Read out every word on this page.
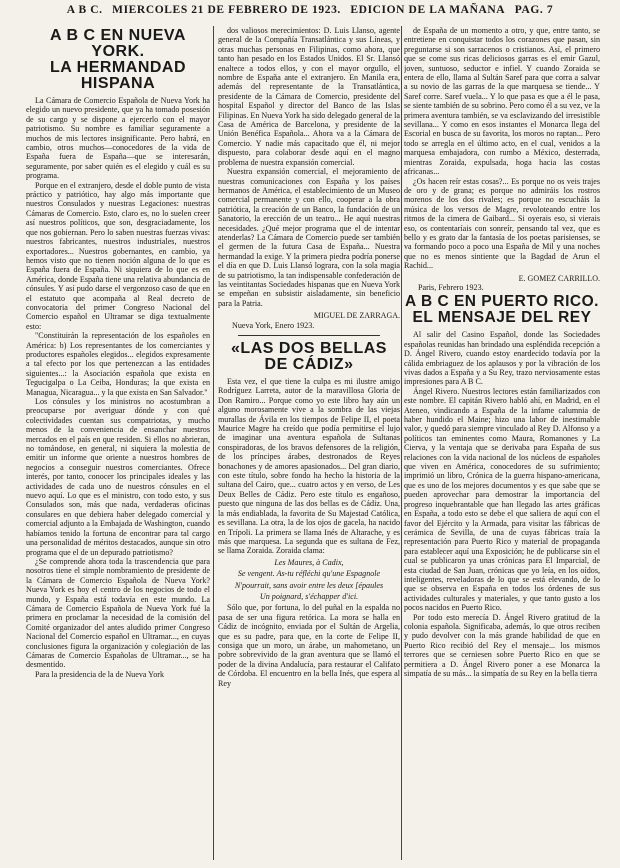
A B C. MIERCOLES 21 DE FEBRERO DE 1923. EDICION DE LA MAÑANA PAG. 7
A B C EN NUEVA YORK.
LA HERMANDAD
HISPANA

La Cámara de Comercio Española de Nueva York ha elegido un nuevo presidente, que ya ha tomado posesión de su cargo y se dispone a ejercerlo con el mayor patriotismo. Su nombre es familiar seguramente a muchos de mis lectores insignificante. Pero habrá, en cambio, otros muchos—conocedores de la vida de España fuera de España—que se interesarán, seguramente, por saber quién es el elegido y cuál es su programa.

Porque en el extranjero, desde el doble punto de vista práctico y patriótico, hay algo más importante que nuestros Consulados y nuestras Legaciones: nuestras Cámaras de Comercio. Esto, claro es, no lo suelen creer así nuestros políticos, que son, desgraciadamente, los que nos gobiernan. Pero lo saben nuestras fuerzas vivas: nuestros fabricantes, nuestros industriales, nuestros exportadores... Nuestros gobernantes, en cambio, ya hemos visto que no tienen noción alguna de lo que es España fuera de España. Ni siquiera de lo que es en América, donde España tiene una relativa abundancia de cónsules. Y así pudo darse el vergonzoso caso de que en el estatuto que acompaña al Real decreto de convocatoria del primer Congreso Nacional del Comercio español en Ultramar se diga textualmente esto:

"Constituirán la representación de los españoles en América: b) Los representantes de los comerciantes y productores españoles elegidos... elegidos expresamente a tal efecto por los que pertenezcan a las entidades siguientes...: la Asociación española que exista en Tegucigalpa o La Ceiba, Honduras; la que exista en Managua, Nicaragua... y la que exista en San Salvador."

Los cónsules y los ministros no acostumbran a preocuparse por averiguar dónde y con qué colectividades cuentan sus compatriotas, y mucho menos de la conveniencia de ensanchar nuestros mercados en el país en que residen. Si ellos no abrieran, no tomándose, en general, ni siquiera la molestia de emitir un informe que oriente a nuestros hombres de negocios a conseguir nuestros comerciantes. Ofrece interés, por tanto, conocer los principales ideales y las actividades de cada uno de nuestros cónsules en el nuevo aquí. Lo que es el ministro, con todo esto, y sus Consulados son, más que nada, verdaderas oficinas consulares en que debiera haber delegado comercial y comercial adjunto a la Embajada de Washington, cuando habíamos tenido la fortuna de encontrar para tal cargo una personalidad de méritos destacados, aunque sin otro programa que el de un depurado patriotismo?

¿Se comprende ahora toda la trascendencia que para nosotros tiene el simple nombramiento de presidente de la Cámara de Comercio Española de Nueva York? Nueva York es hoy el centro de los negocios de todo el mundo, y España está todavía en este mundo. La Cámara de Comercio Española de Nueva York fué la primera en proclamar la necesidad de la comisión del Comité organizador del antes aludido primer Congreso Nacional del Comercio español en Ultramar..., en cuyas conclusiones figura la organización y colegiación de las Cámaras de Comercio Españolas de Ultramar..., se ha desmentido.

Para la presidencia de la de Nueva York

dos valiosos merecimientos: D. Luis Llanso, agente general de la Compañía Transatlántica y sus Líneas, y otras muchas personas en Filipinas, como ahora, que tanto han pesado en los Estados Unidos. El Sr. Llansó enaltece a todos ellos, y con el mayor orgullo, el nombre de España ante el extranjero. En Manila era, además del representante de la Transatlántica, presidente de la Cámara de Comercio, presidente del hospital Español y director del Banco de las Islas Filipinas. En Nueva York ha sido delegado general de la Casa de América de Barcelona, y presidente de la Unión Benéfica Española... Ahora va a la Cámara de Comercio. Y nadie más capacitado que él, ni mejor dispuesto, para colaborar desde aquí en el magno problema de nuestra expansión comercial.

Nuestra expansión comercial, el mejoramiento de nuestras comunicaciones con España y los países hermanos de América, el establecimiento de un Museo comercial permanente y con ello, cooperar a la obra patriótica, la creación de un Banco, la fundación de un Sanatorio, la erección de un teatro... He aquí nuestras necesidades. ¿Qué mejor programa que el de intentar atenderlas? La Cámara de Comercio puede ser también el germen de la futura Casa de España... Nuestra hermandad la exige. Y la primera piedra podría ponerse el día en que D. Luis Llansó lograra, con la sola magia de su patriotismo, la tan indispensable confederación de las veintitantas Sociedades hispanas que en Nueva York se empeñan en subsistir aisladamente, sin beneficio para la Patria.

MIGUEL DE ZARRAGA.
Nueva York, Enero 1923.
«LAS DOS BELLAS
DE CÁDIZ»

Esta vez, el que tiene la culpa es mi ilustre amigo Rodríguez Larreta, autor de la maravillosa Gloria de Don Ramiro... Porque como yo este libro hay aún un alguno morosamente vive a la sombra de las viejas murallas de Ávila en los tiempos de Felipe II, el poeta Maurice Magre ha creído que podía permitirse el lujo de imaginar una aventura española de Sultanas conspiradoras, de los bravos defensores de la religión, de los príncipes árabes, destronados de Reyes bonachones y de amores apasionados... Del gran diario, con este título, sobre fondo ha hecho la historia de la sultana del Cairo, que... cuatro actos y en verso, de Les Deux Belles de Cádiz. Pero este título es engañoso, puesto que ninguna de las dos bellas es de Cádiz. Una, la más endiablada, la favorita de Su Majestad Católica, es sevillana. La otra, la de los ojos de gacela, ha nacido en Trípoli. La primera se llama Inés de Altarache, y es más que marquesa. La segunda que es sultana de Fez, se llama Zoraida. Zoraida clama:

Les Maures, à Cadix,
Se vengent. As-tu réfléchi qu'une Espagnole
N'pourrait, sans avoir entre les deux [épaules
Un poignard, s'échapper d'ici.

Sólo que, por fortuna, lo del puñal en la espalda no pasa de ser una figura retórica. La mora se halla en Cádiz de incógnito, enviada por el Sultán de Argelia, que es su padre, para que, en la corte de Felipe II, consiga que un moro, un árabe, un mahometano, un pobre sobrevivido de la gran aventura que se llamó el poder de la divina Andalucía, para restaurar el Califato de Córdoba. El encuentro en la bella Inés, que espera al Rey

de España de un momento a otro, y que, entre tanto, se entretiene en conquistar todos los corazones que pasan, sin preguntarse si son sarracenos o cristianos. Así, el primero que se come sus ricas deliciosos garras es el emir Gazul, joven, suntuoso, seductor e infiel. Y cuando Zoraida se entera de ello, llama al Sultán Saref para que corra a salvar a su novio de las garras de la que marquesa se tiende... Y Saref corre. Saref vuela... Y lo que pasa es que a él le pasa, se siente también de su sobrino. Pero como él a su vez, ve la primera aventura también, se va esclavizando del irresistible sevillana... Y como en esos instantes el Monarca llega del Escorial en busca de su favorita, los moros no raptan... Pero todo se arregla en el último acto, en el cual, venidos a la marquesa embajadora, con rumbo a México, desterrada, mientras Zoraida, expulsada, hoga hacia las costas africanas...

¿Os hacen reír estas cosas?... Es porque no os veis trajes de oro y de grana; es porque no admiráis los rostros morenos de los dos rivales; es porque no escucháis la música de los versos de Magre, revoloteando entre los ritmos de la cimera de Gaibard... Si oyerais eso, si vierais eso, os contentaríais con sonreír, pensando tal vez, que es bello y es grato dar la fantasía de los poetas parisienses, se va formando poco a poco una España de Mil y una noches que no es menos sintiente que la Bagdad de Arun el Rachid...

E. GOMEZ CARRILLO.
Paris, Febrero 1923.
A B C EN PUERTO RICO.
EL MENSAJE DEL REY

Al salir del Casino Español, donde las Sociedades españolas reunidas han brindado una espléndida recepción a D. Ángel Rivero, cuando estoy enardecido todavía por la cálida embriaguez de los aplausos y por la vibración de los vivas dados a España y a Su Rey, trazo nerviosamente estas impresiones para A B C.

Ángel Rivero. Nuestros lectores están familiarizados con este nombre. El capitán Rivero habló ahí, en Madrid, en el Ateneo, vindicando a España de la infame calumnia de haber hundido el Maine; hizo una labor de inestimable valor, y quedó para siempre vinculado al Rey D. Alfonso y a políticos tan eminentes como Maura, Romanones y La Cierva, y la ventaja que se derivaba para España de sus relaciones con la vida nacional de los núcleos de españoles que viven en América, conocedores de su sufrimiento; imprimió un libro, Crónica de la guerra hispano-americana, que es uno de los mejores documentos y es que sabe que se pueden aprovechar para demostrar la importancia del progreso inquebrantable que han llegado las artes gráficas en España, a todo esto se debe el que saliera de aquí con el favor del Ejército y la Armada, para visitar las fábricas de cerámica de Sevilla, de una de cuyas fábricas traía la representación para Puerto Rico y material de propaganda para establecer aquí una Exposición; he de publicarse sin el cual se publicaron ya unas crónicas para El Imparcial, de esta ciudad de San Juan, crónicas que yo leía, en los oídos, inteligentes, reveladoras de lo que se está elevando, de lo que se observa en España en todos los órdenes de sus actividades culturales y materiales, y que tanto gusto a los pocos nacidos en Puerto Rico.

Por todo esto merecía D. Ángel Rivero gratitud de la colonia española. Significaba, además, lo que otros reciben y pudo devolver con la más grande habilidad de que en Puerto Rico recibió del Rey el mensaje... los mismos terrores que se cerniesen sobre Puerto Rico en que se permitiera a D. Ángel Rivero poner a ese Monarca la simpatía de su más... la simpatía de su Rey en la bella tierra
